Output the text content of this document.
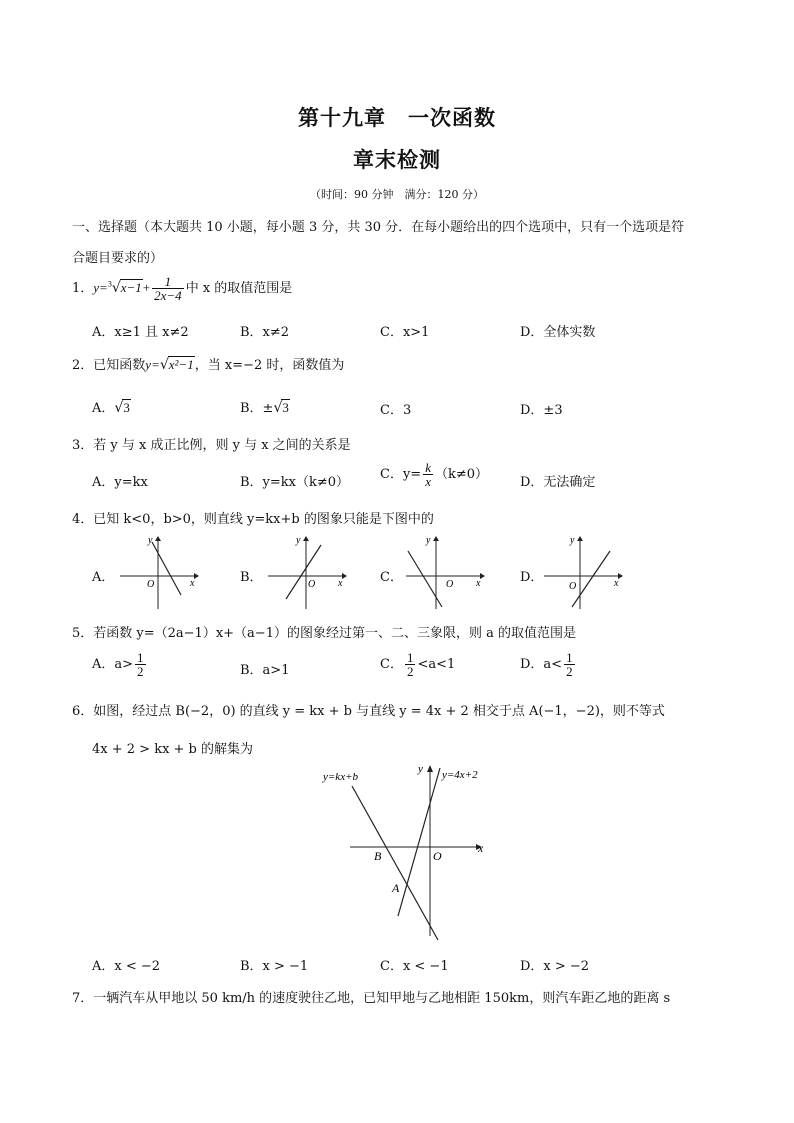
第十九章　一次函数
章末检测
（时间：90 分钟　满分：120 分）
一、选择题（本大题共 10 小题，每小题 3 分，共 30 分．在每小题给出的四个选项中，只有一个选项是符
合题目要求的）
1．$y=^3√x-1+ \frac{1}{2x-4}$ 中 x 的取值范围是
A．x≥1 且 x≠2	B．x≠2	C．x>1	D．全体实数
2．已知函数y=√x²−1，当 x=−2 时，函数值为
A．√3	B．±√3	C．3	D．±3
3．若 y 与 x 成正比例，则 y 与 x 之间的关系是
A．y=kx	B．y=kx（k≠0）
C．$y= \frac{k}{x} (k\ne 0)$
D．无法确定
4．已知 k<0，b>0，则直线 y=kx+b 的图象只能是下图中的
A．	B．	C．	D．
x
y
O	x
y
O	x
y
O	x
y
O
5．若函数 y=（2a−1）x+（a−1）的图象经过第一、二、三象限，则 a 的取值范围是
A．$a> \frac{1}{2}$	B．a>1	C． $\frac{1}{2} <a<1$	D．$a< \frac{1}{2}$
6．如图，经过点 B(−2，0) 的直线 y = kx + b 与直线 y = 4x + 2 相交于点 A(−1，−2)，则不等式
4x + 2 > kx + b 的解集为
y=kx+b	y=4x+2
y
x
B	O
A
A．x < −2	B．x > −1	C．x < −1	D．x > −2
7．一辆汽车从甲地以 50 km/h 的速度驶往乙地，已知甲地与乙地相距 150km，则汽车距乙地的距离 s
